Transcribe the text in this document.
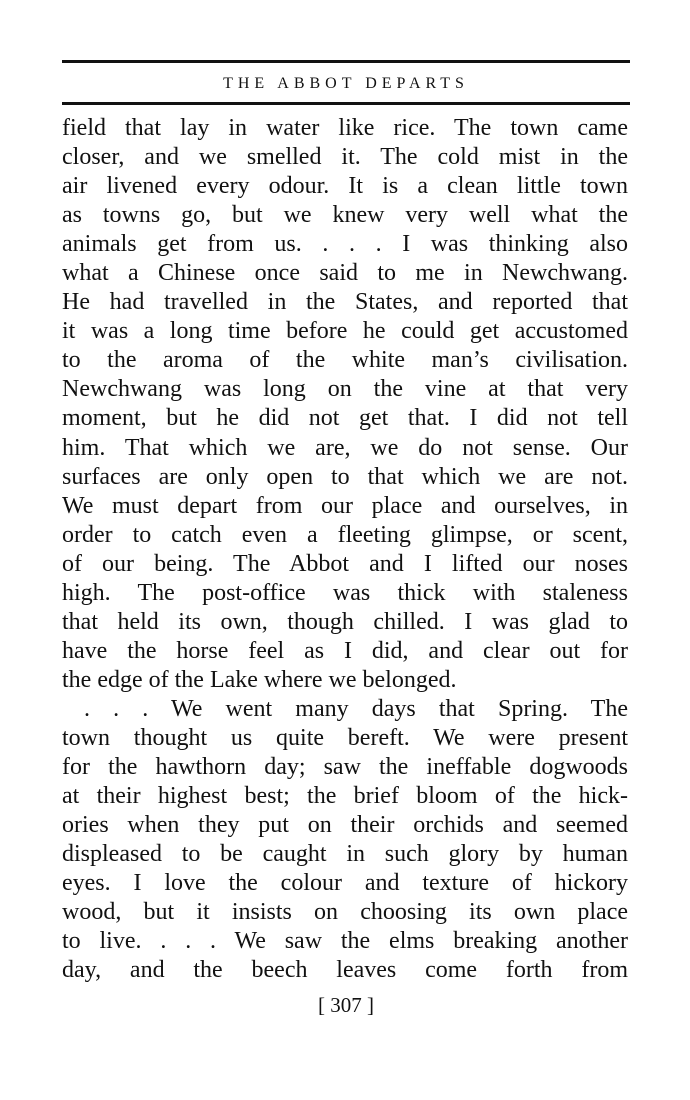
THE ABBOT DEPARTS
field that lay in water like rice. The town came
closer, and we smelled it. The cold mist in the
air livened every odour. It is a clean little town
as towns go, but we knew very well what the
animals get from us. . . . I was thinking also
what a Chinese once said to me in Newchwang.
He had travelled in the States, and reported that
it was a long time before he could get accustomed
to the aroma of the white man’s civilisation.
Newchwang was long on the vine at that very
moment, but he did not get that. I did not tell
him. That which we are, we do not sense. Our
surfaces are only open to that which we are not.
We must depart from our place and ourselves, in
order to catch even a fleeting glimpse, or scent,
of our being. The Abbot and I lifted our noses
high. The post-office was thick with staleness
that held its own, though chilled. I was glad to
have the horse feel as I did, and clear out for
the edge of the Lake where we belonged.
. . . We went many days that Spring. The
town thought us quite bereft. We were present
for the hawthorn day; saw the ineffable dogwoods
at their highest best; the brief bloom of the hick-
ories when they put on their orchids and seemed
displeased to be caught in such glory by human
eyes. I love the colour and texture of hickory
wood, but it insists on choosing its own place
to live. . . . We saw the elms breaking another
day, and the beech leaves come forth from
[ 307 ]
